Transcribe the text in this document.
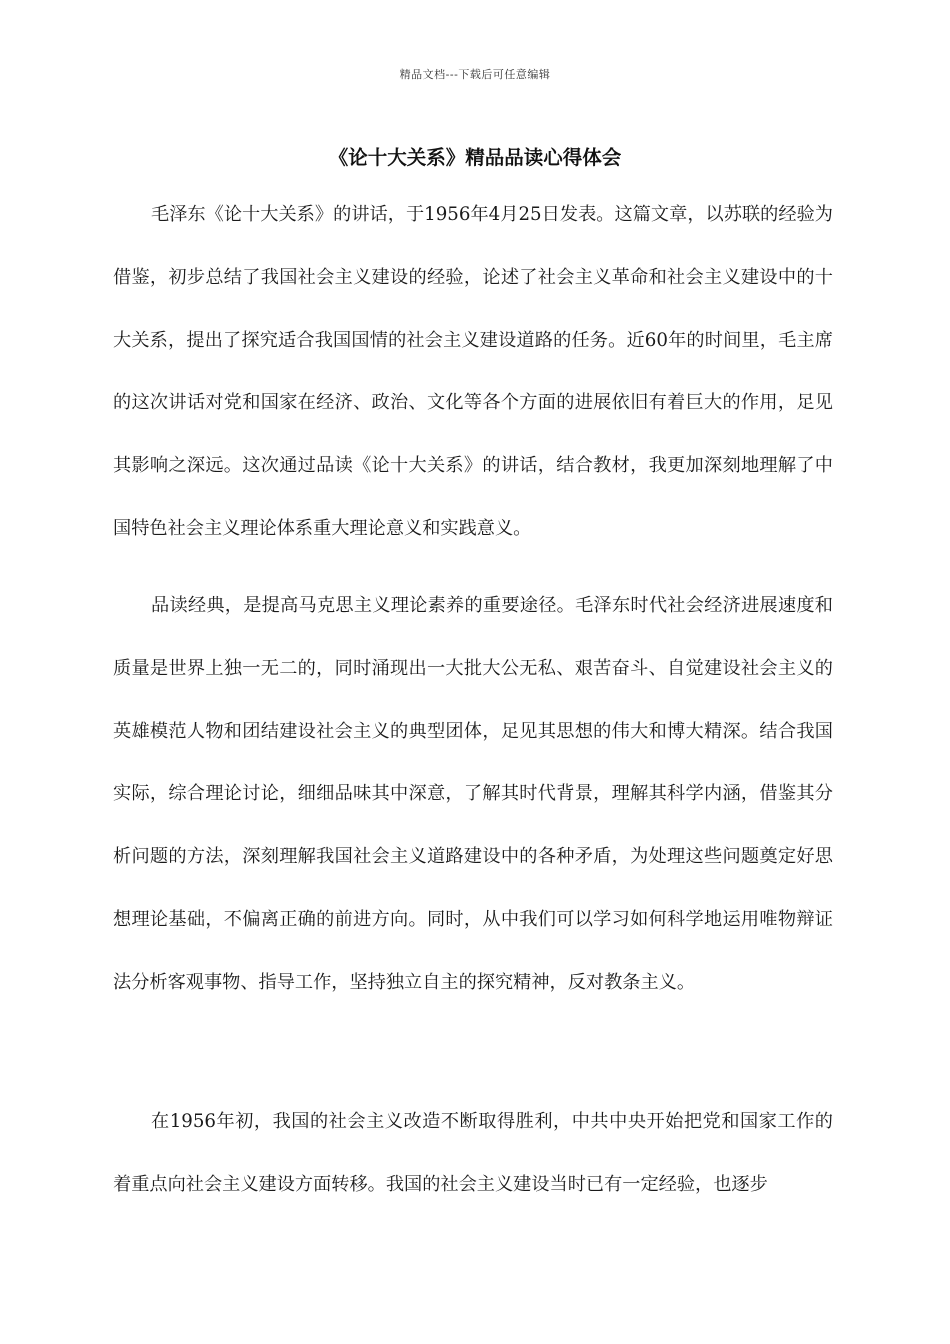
精品文档---下载后可任意编辑
《论十大关系》精品品读心得体会

毛泽东《论十大关系》的讲话，于1956年4月25日发表。这篇文章，以苏联的经验为借鉴，初步总结了我国社会主义建设的经验，论述了社会主义革命和社会主义建设中的十大关系，提出了探究适合我国国情的社会主义建设道路的任务。近60年的时间里，毛主席的这次讲话对党和国家在经济、政治、文化等各个方面的进展依旧有着巨大的作用，足见其影响之深远。这次通过品读《论十大关系》的讲话，结合教材，我更加深刻地理解了中国特色社会主义理论体系重大理论意义和实践意义。

品读经典，是提高马克思主义理论素养的重要途径。毛泽东时代社会经济进展速度和质量是世界上独一无二的，同时涌现出一大批大公无私、艰苦奋斗、自觉建设社会主义的英雄模范人物和团结建设社会主义的典型团体，足见其思想的伟大和博大精深。结合我国实际，综合理论讨论，细细品味其中深意，了解其时代背景，理解其科学内涵，借鉴其分析问题的方法，深刻理解我国社会主义道路建设中的各种矛盾，为处理这些问题奠定好思想理论基础，不偏离正确的前进方向。同时，从中我们可以学习如何科学地运用唯物辩证法分析客观事物、指导工作，坚持独立自主的探究精神，反对教条主义。

在1956年初，我国的社会主义改造不断取得胜利，中共中央开始把党和国家工作的着重点向社会主义建设方面转移。我国的社会主义建设当时已有一定经验，也逐步
